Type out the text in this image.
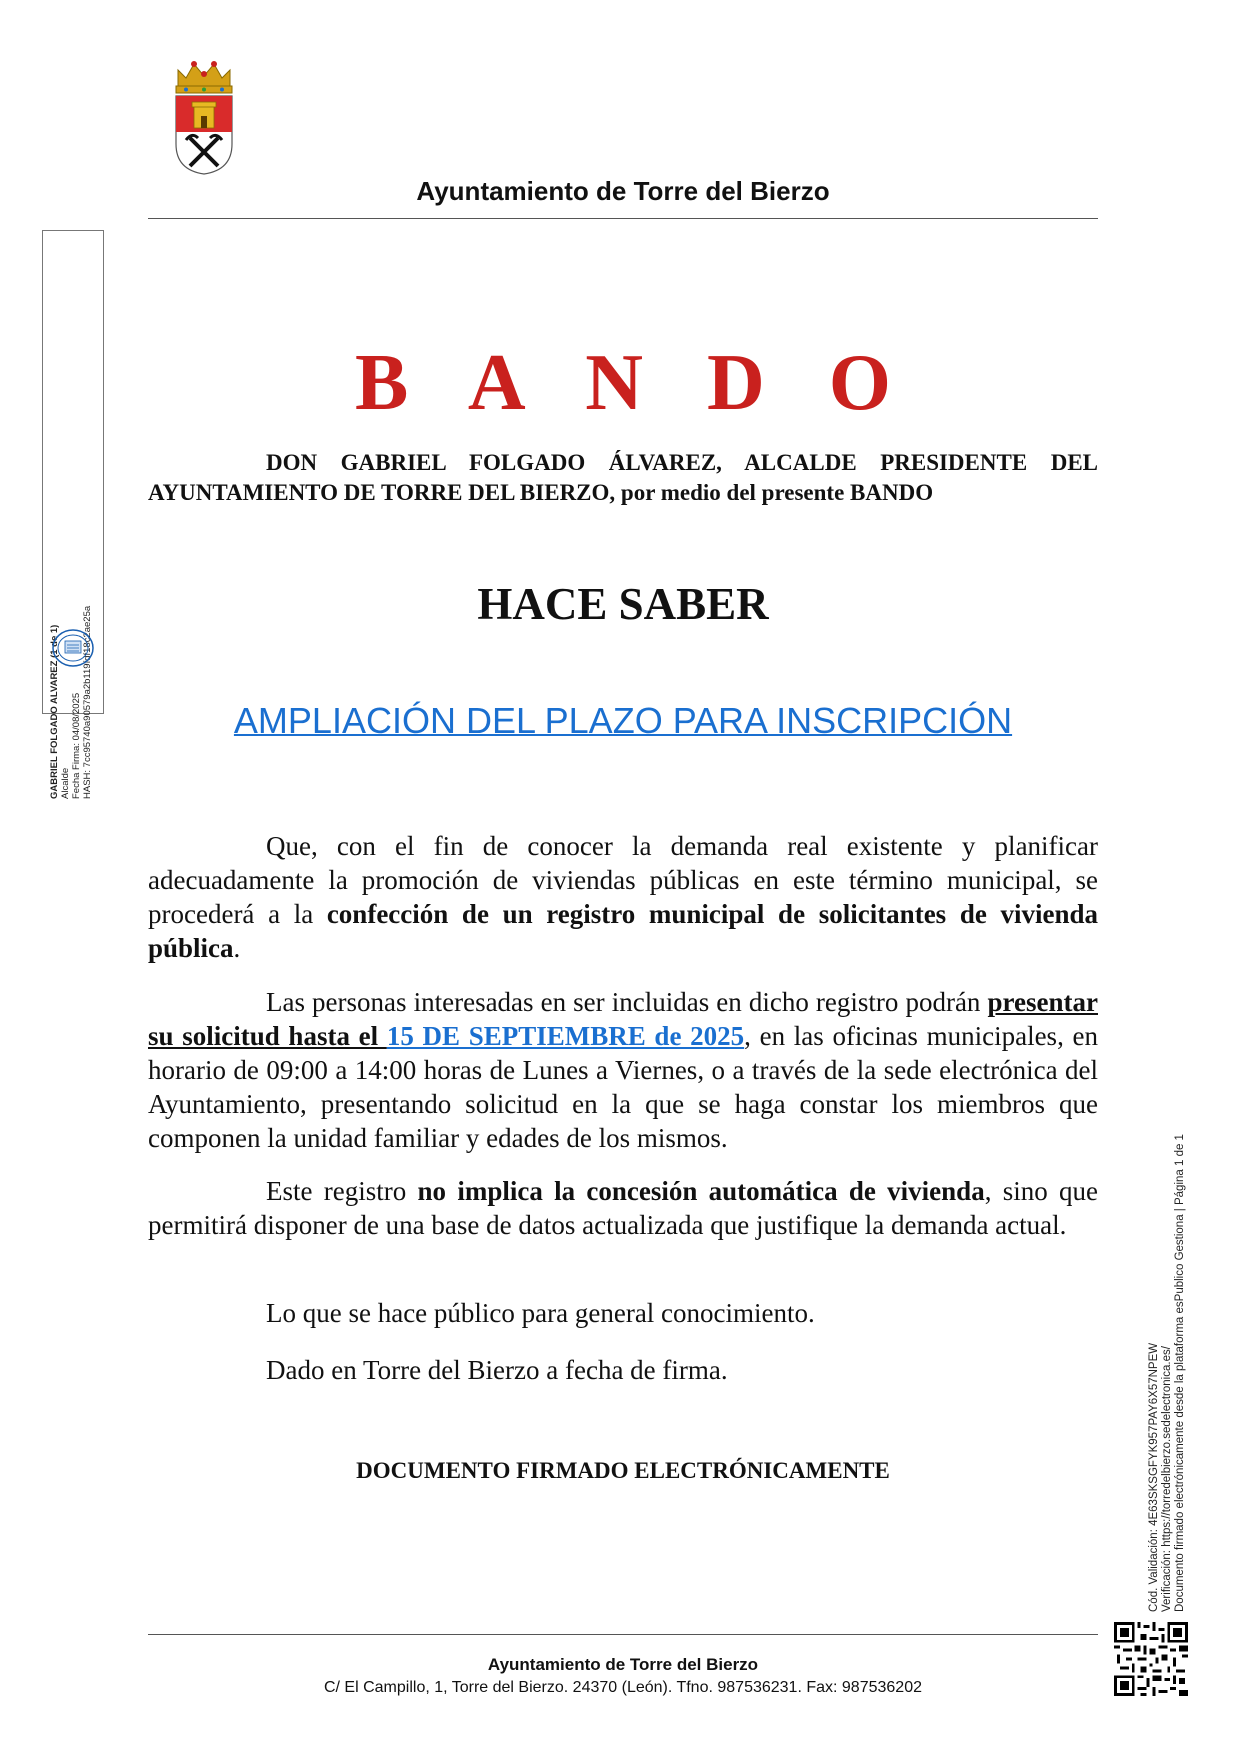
Ayuntamiento de Torre del Bierzo
GABRIEL FOLGADO ALVAREZ (1 de 1) Alcalde Fecha Firma: 04/08/2025 HASH: 7cc95740a90579a2b119fdf18c2ae25a
B A N D O
DON GABRIEL FOLGADO ÁLVAREZ, ALCALDE PRESIDENTE DEL AYUNTAMIENTO DE TORRE DEL BIERZO, por medio del presente BANDO
HACE SABER
AMPLIACIÓN DEL PLAZO PARA INSCRIPCIÓN

Que, con el fin de conocer la demanda real existente y planificar adecuadamente la promoción de viviendas públicas en este término municipal, se procederá a la confección de un registro municipal de solicitantes de vivienda pública.

Las personas interesadas en ser incluidas en dicho registro podrán presentar su solicitud hasta el 15 DE SEPTIEMBRE de 2025, en las oficinas municipales, en horario de 09:00 a 14:00 horas de Lunes a Viernes, o a través de la sede electrónica del Ayuntamiento, presentando solicitud en la que se haga constar los miembros que componen la unidad familiar y edades de los mismos.

Este registro no implica la concesión automática de vivienda, sino que permitirá disponer de una base de datos actualizada que justifique la demanda actual.

Lo que se hace público para general conocimiento.

Dado en Torre del Bierzo a fecha de firma.

DOCUMENTO FIRMADO ELECTRÓNICAMENTE
Ayuntamiento de Torre del Bierzo
C/ El Campillo, 1, Torre del Bierzo. 24370 (León). Tfno. 987536231. Fax: 987536202
Cód. Validación: 4E63SKSGFYK957PAY6X57NPEW Verificación: https://torredelbierzo.sedelectronica.es/ Documento firmado electrónicamente desde la plataforma esPublico Gestiona | Página 1 de 1
